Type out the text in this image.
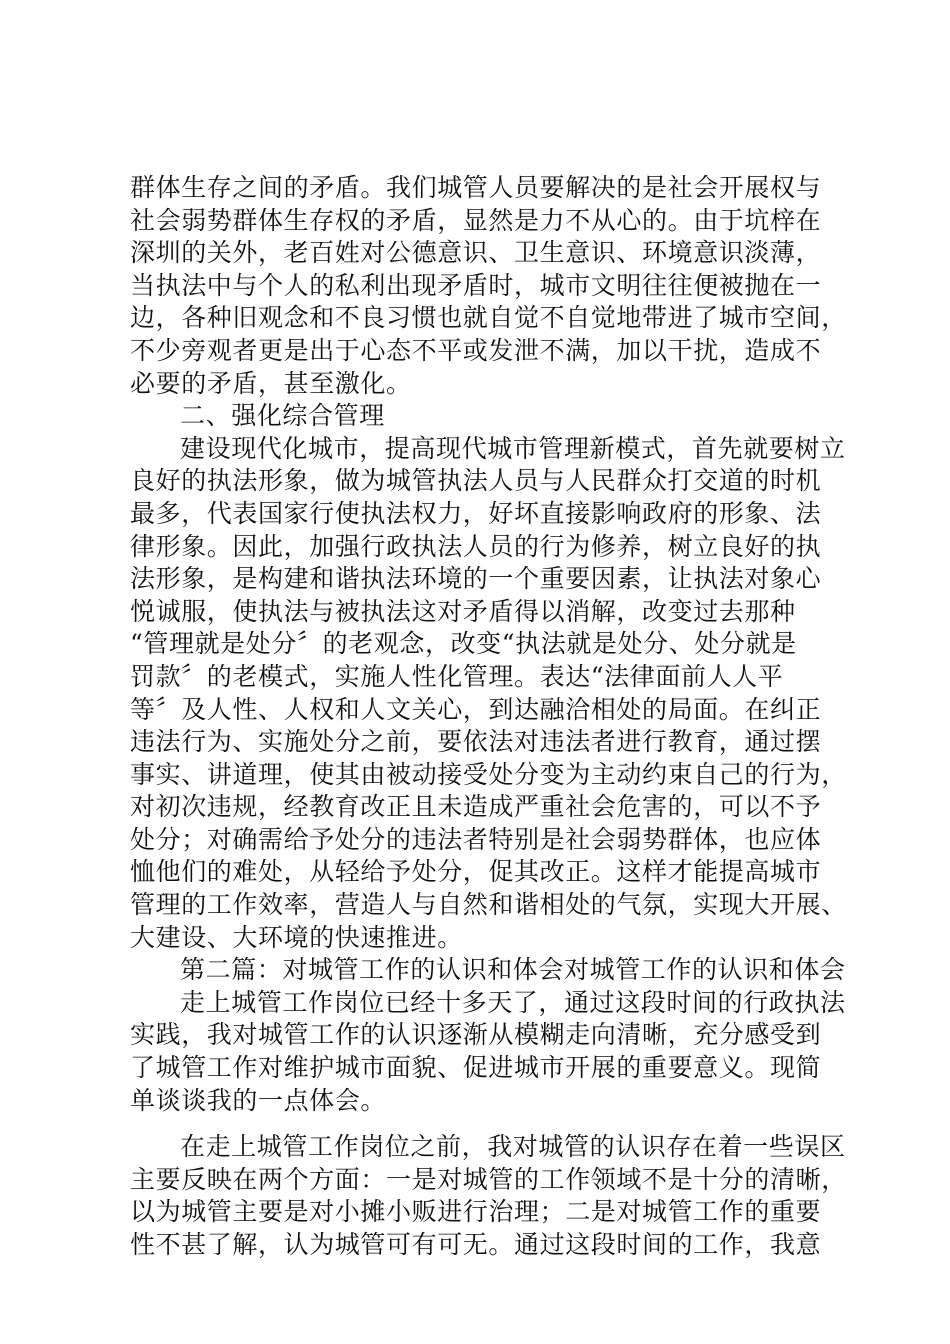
群体生存之间的矛盾。我们城管人员要解决的是社会开展权与
社会弱势群体生存权的矛盾，显然是力不从心的。由于坑梓在
深圳的关外，老百姓对公德意识、卫生意识、环境意识淡薄，
当执法中与个人的私利出现矛盾时，城市文明往往便被抛在一
边，各种旧观念和不良习惯也就自觉不自觉地带进了城市空间，
不少旁观者更是出于心态不平或发泄不满，加以干扰，造成不
必要的矛盾，甚至激化。
二、强化综合管理
建设现代化城市，提高现代城市管理新模式，首先就要树立
良好的执法形象，做为城管执法人员与人民群众打交道的时机
最多，代表国家行使执法权力，好坏直接影响政府的形象、法
律形象。因此，加强行政执法人员的行为修养，树立良好的执
法形象，是构建和谐执法环境的一个重要因素，让执法对象心
悦诚服，使执法与被执法这对矛盾得以消解，改变过去那种
“管理就是处分〞的老观念，改变“执法就是处分、处分就是
罚款〞的老模式，实施人性化管理。表达“法律面前人人平
等〞及人性、人权和人文关心，到达融洽相处的局面。在纠正
违法行为、实施处分之前，要依法对违法者进行教育，通过摆
事实、讲道理，使其由被动接受处分变为主动约束自己的行为，
对初次违规，经教育改正且未造成严重社会危害的，可以不予
处分；对确需给予处分的违法者特别是社会弱势群体，也应体
恤他们的难处，从轻给予处分，促其改正。这样才能提高城市
管理的工作效率，营造人与自然和谐相处的气氛，实现大开展、
大建设、大环境的快速推进。
第二篇：对城管工作的认识和体会对城管工作的认识和体会
走上城管工作岗位已经十多天了，通过这段时间的行政执法
实践，我对城管工作的认识逐渐从模糊走向清晰，充分感受到
了城管工作对维护城市面貌、促进城市开展的重要意义。现简
单谈谈我的一点体会。
在走上城管工作岗位之前，我对城管的认识存在着一些误区
主要反映在两个方面：一是对城管的工作领域不是十分的清晰，
以为城管主要是对小摊小贩进行治理；二是对城管工作的重要
性不甚了解，认为城管可有可无。通过这段时间的工作，我意
